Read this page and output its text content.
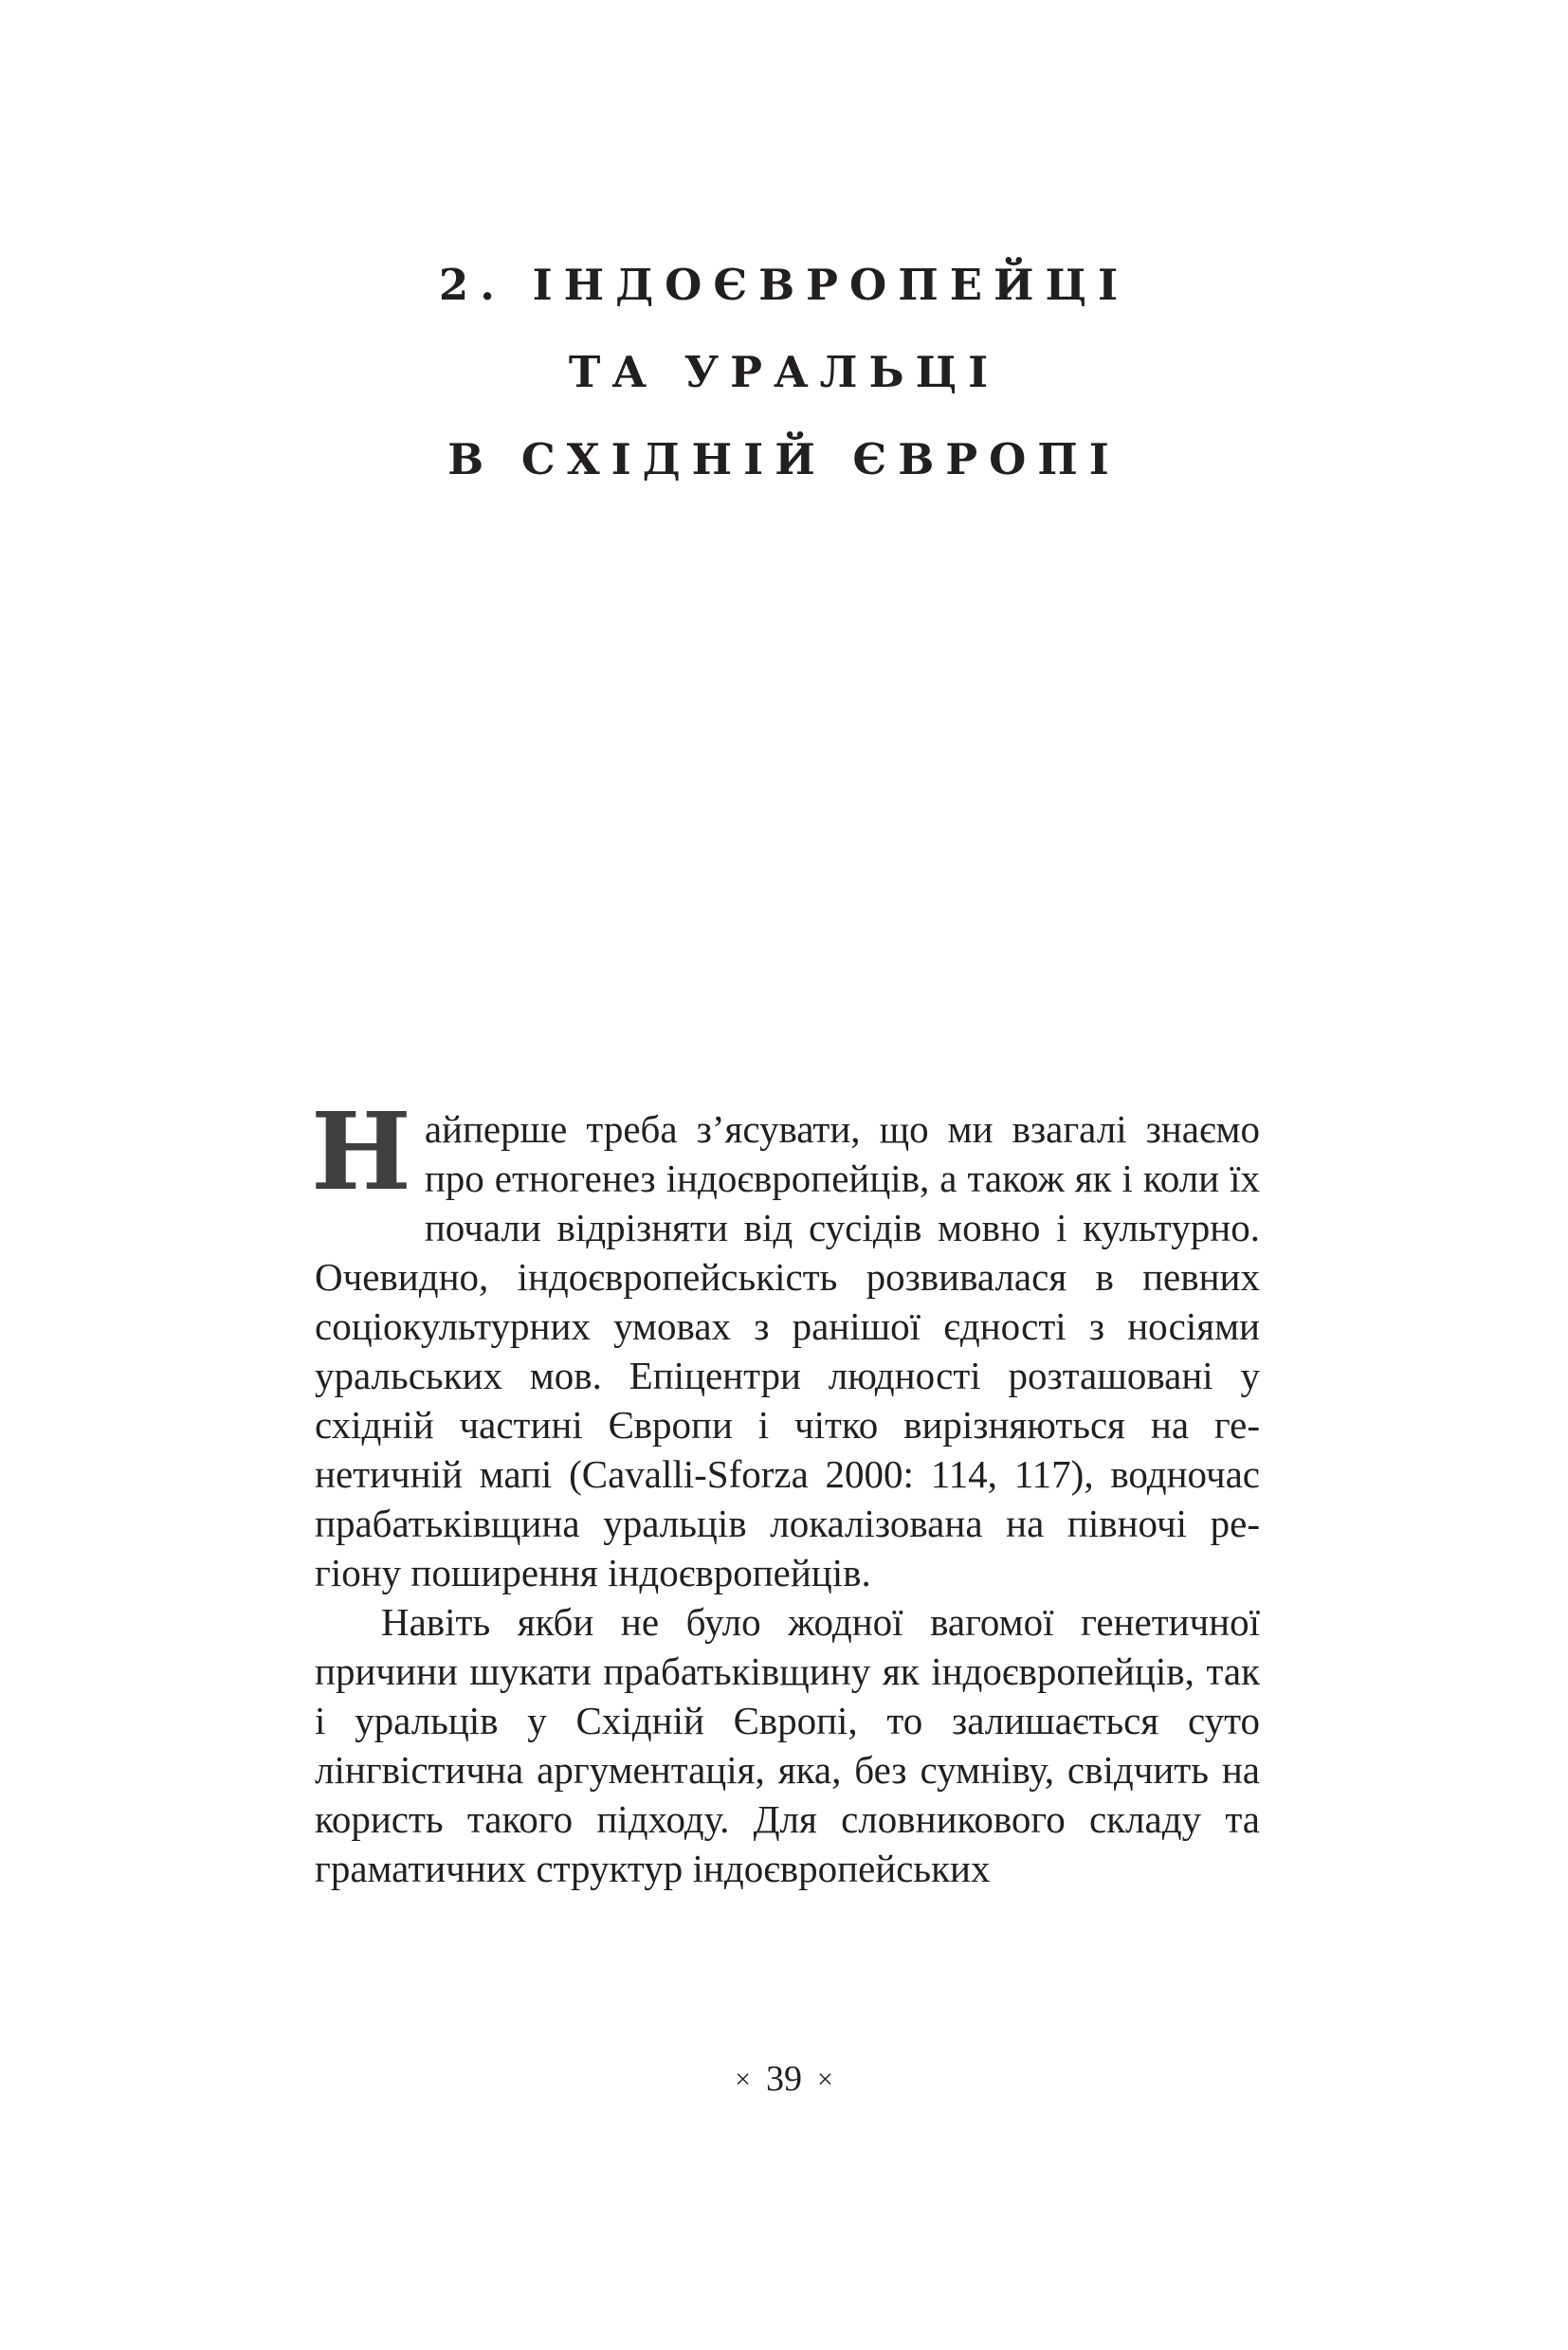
2. ІНДОЄВРОПЕЙЦІ
ТА УРАЛЬЦІ
В СХІДНІЙ ЄВРОПІ

Найперше треба з’ясувати, що ми взагалі знаємо про етногенез індоєвропейців, а також як і коли їх почали відрізняти від сусідів мовно і культурно. Очевидно, індоєвропейськість розвивалася в певних соціокультурних умовах з ранішої єдності з носіями уральських мов. Епіцентри людності розташовані у східній частині Європи і чітко вирізняються на генетичній мапі (Cavalli-Sforza 2000: 114, 117), водночас прабатьківщина уральців локалізована на півночі регіону поширення індоєвропейців.

Навіть якби не було жодної вагомої генетичної причини шукати прабатьківщину як індоєвропейців, так і уральців у Східній Європі, то залишається суто лінгвістична аргументація, яка, без сумніву, свідчить на користь такого підходу. Для словникового складу та граматичних структур індоєвропейських

× 39 ×
